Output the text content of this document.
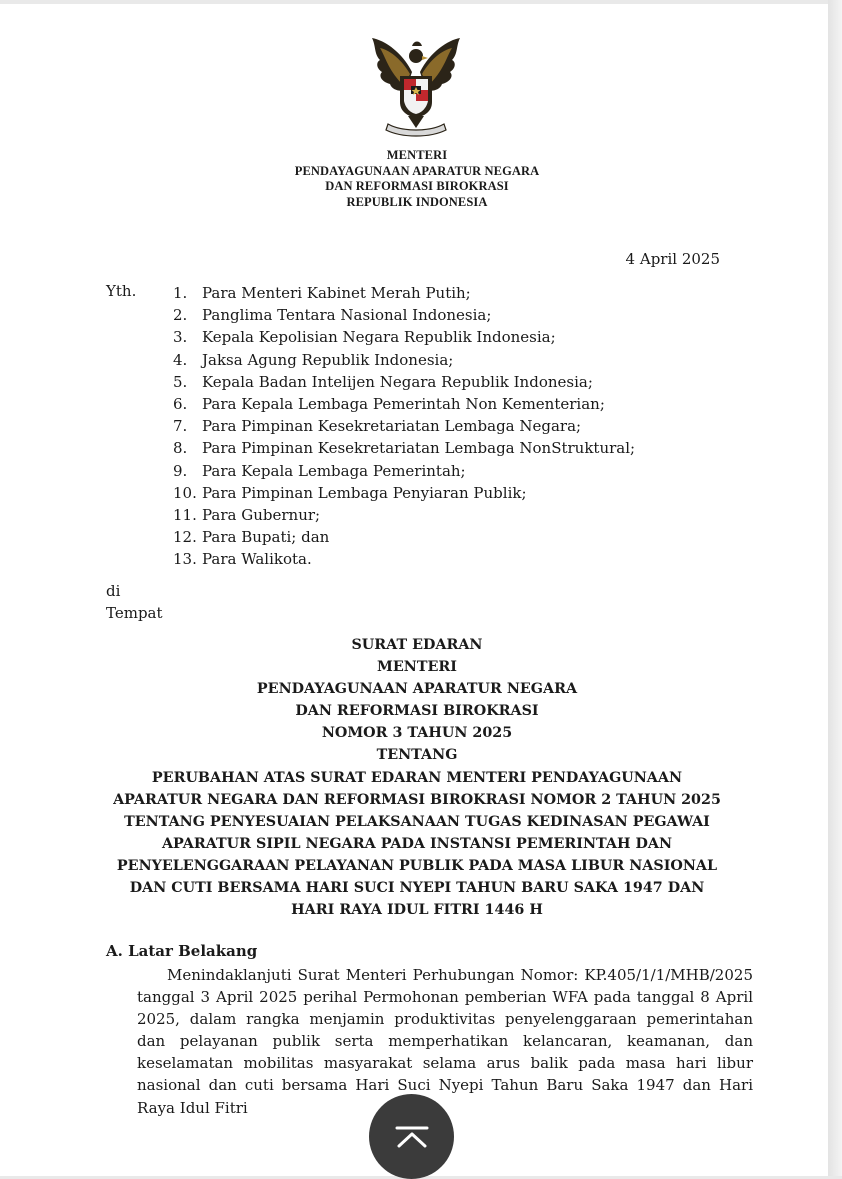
MENTERI
PENDAYAGUNAAN APARATUR NEGARA
DAN REFORMASI BIROKRASI
REPUBLIK INDONESIA
4 April 2025
Yth. 1. Para Menteri Kabinet Merah Putih;
2. Panglima Tentara Nasional Indonesia;
3. Kepala Kepolisian Negara Republik Indonesia;
4. Jaksa Agung Republik Indonesia;
5. Kepala Badan Intelijen Negara Republik Indonesia;
6. Para Kepala Lembaga Pemerintah Non Kementerian;
7. Para Pimpinan Kesekretariatan Lembaga Negara;
8. Para Pimpinan Kesekretariatan Lembaga NonStruktural;
9. Para Kepala Lembaga Pemerintah;
10. Para Pimpinan Lembaga Penyiaran Publik;
11. Para Gubernur;
12. Para Bupati; dan
13. Para Walikota.
di
Tempat
SURAT EDARAN
MENTERI
PENDAYAGUNAAN APARATUR NEGARA
DAN REFORMASI BIROKRASI
NOMOR 3 TAHUN 2025
TENTANG
PERUBAHAN ATAS SURAT EDARAN MENTERI PENDAYAGUNAAN
APARATUR NEGARA DAN REFORMASI BIROKRASI NOMOR 2 TAHUN 2025
TENTANG PENYESUAIAN PELAKSANAAN TUGAS KEDINASAN PEGAWAI
APARATUR SIPIL NEGARA PADA INSTANSI PEMERINTAH DAN
PENYELENGGARAAN PELAYANAN PUBLIK PADA MASA LIBUR NASIONAL
DAN CUTI BERSAMA HARI SUCI NYEPI TAHUN BARU SAKA 1947 DAN
HARI RAYA IDUL FITRI 1446 H
A. Latar Belakang
Menindaklanjuti Surat Menteri Perhubungan Nomor: KP.405/1/1/MHB/2025 tanggal 3 April 2025 perihal Permohonan pemberian WFA pada tanggal 8 April 2025, dalam rangka menjamin produktivitas penyelenggaraan pemerintahan dan pelayanan publik serta memperhatikan kelancaran, keamanan, dan keselamatan mobilitas masyarakat selama arus balik pada masa hari libur nasional dan cuti bersama Hari Suci Nyepi Tahun Baru Saka 1947 dan Hari Raya Idul Fitri
